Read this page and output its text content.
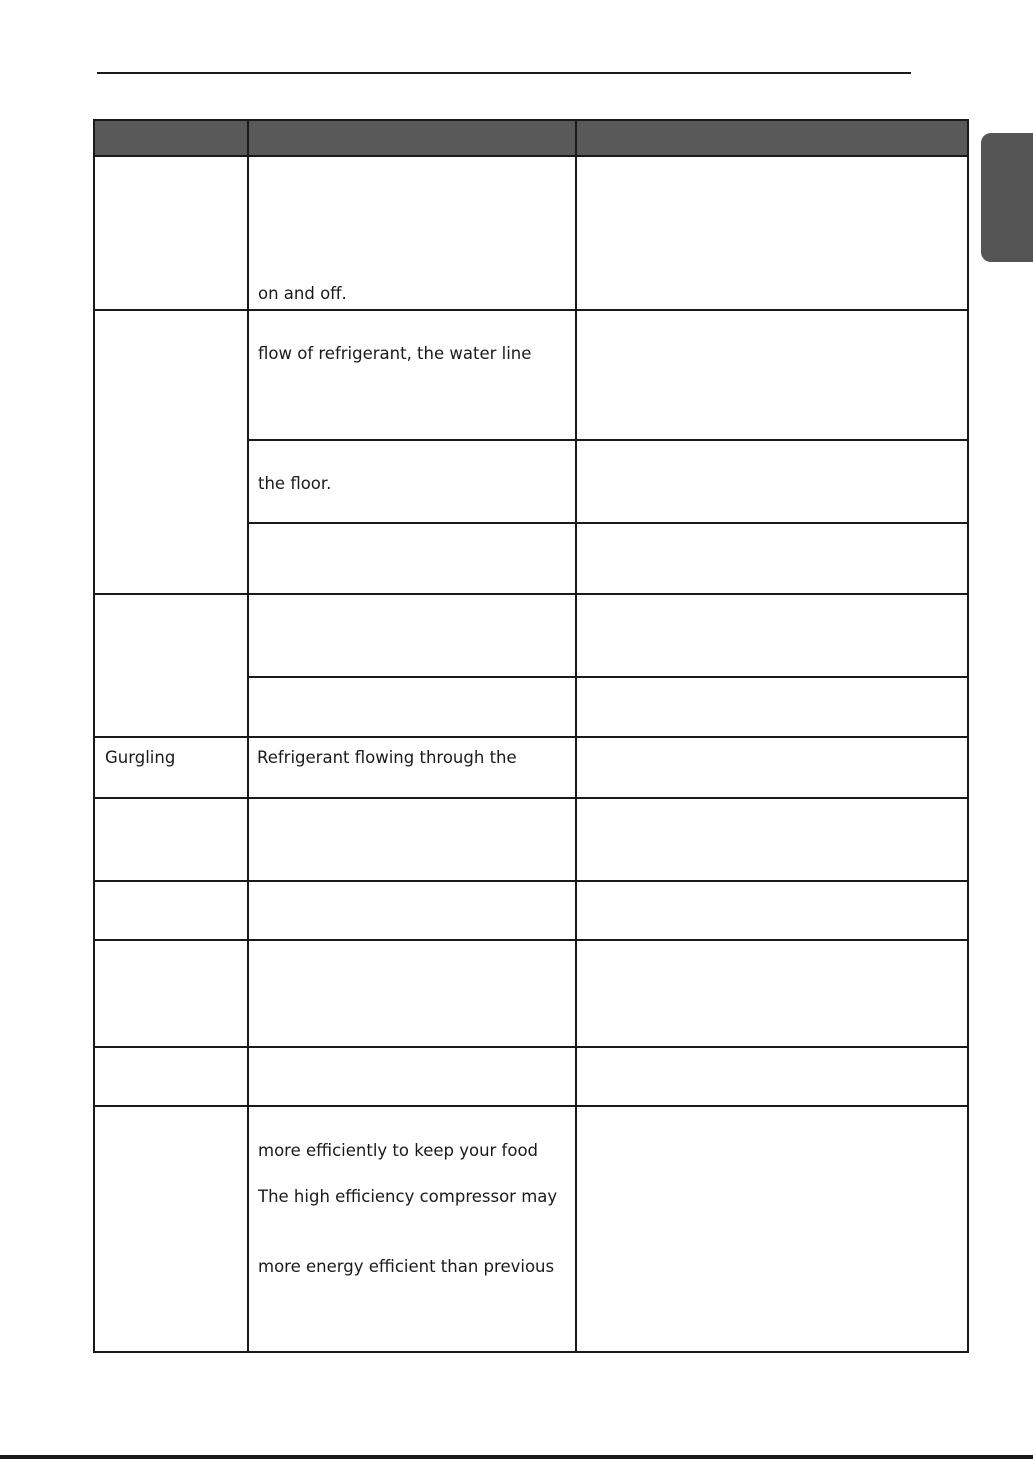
on and off.
flow of refrigerant, the water line
the floor.
Gurgling	Refrigerant flowing through the
more efficiently to keep your food
The high efficiency compressor may
more energy efficient than previous
